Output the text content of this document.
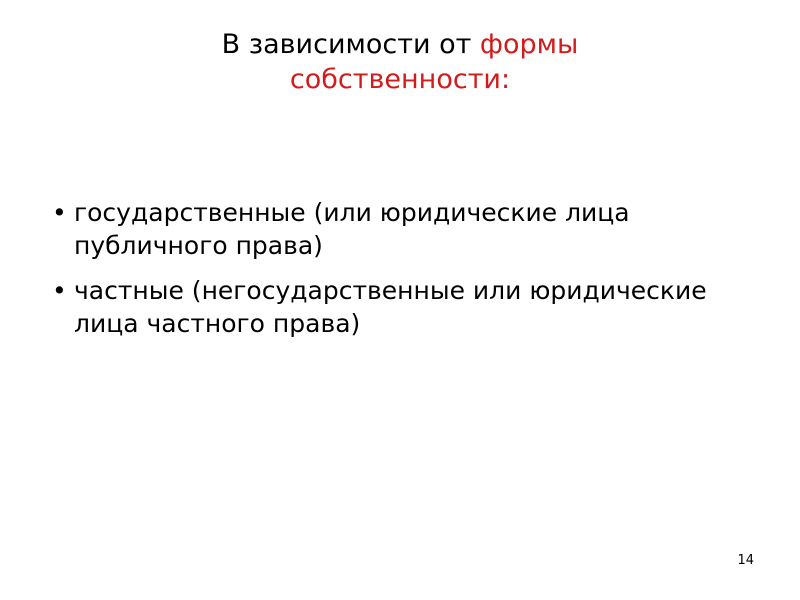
В зависимости от формы
собственности:
• государственные (или юридические лица публичного права)
• частные (негосударственные или юридические лица частного права)
14
